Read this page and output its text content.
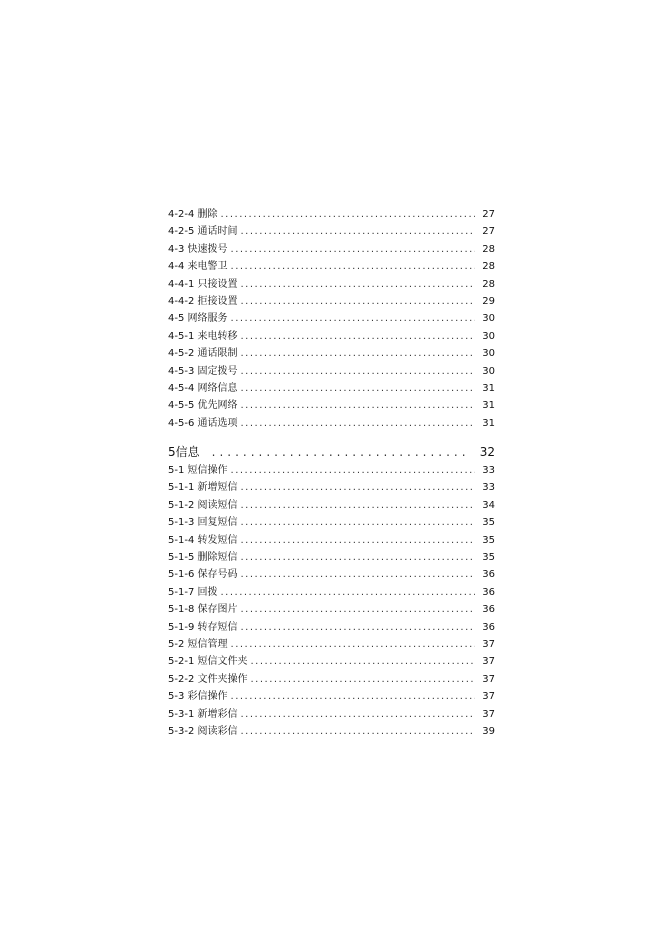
4-2-4 删除 .....	27
4-2-5 通话时间 .....	27
4-3 快速拨号 .....	28
4-4 来电警卫 .....	28
4-4-1 只接设置 .....	28
4-4-2 拒接设置 .....	29
4-5 网络服务 .....	30
4-5-1 来电转移 .....	30
4-5-2 通话限制 .....	30
4-5-3 固定拨号 .....	30
4-5-4 网络信息 .....	31
4-5-5 优先网络 .....	31
4-5-6 通话选项 .....	31
5信息 .....	32
5-1 短信操作 .....	33
5-1-1 新增短信 .....	33
5-1-2 阅读短信 .....	34
5-1-3 回复短信 .....	35
5-1-4 转发短信 .....	35
5-1-5 删除短信 .....	35
5-1-6 保存号码 .....	36
5-1-7 回拨 .....	36
5-1-8 保存图片 .....	36
5-1-9 转存短信 .....	36
5-2 短信管理 .....	37
5-2-1 短信文件夹 .....	37
5-2-2 文件夹操作 .....	37
5-3 彩信操作 .....	37
5-3-1 新增彩信 .....	37
5-3-2 阅读彩信 .....	39
